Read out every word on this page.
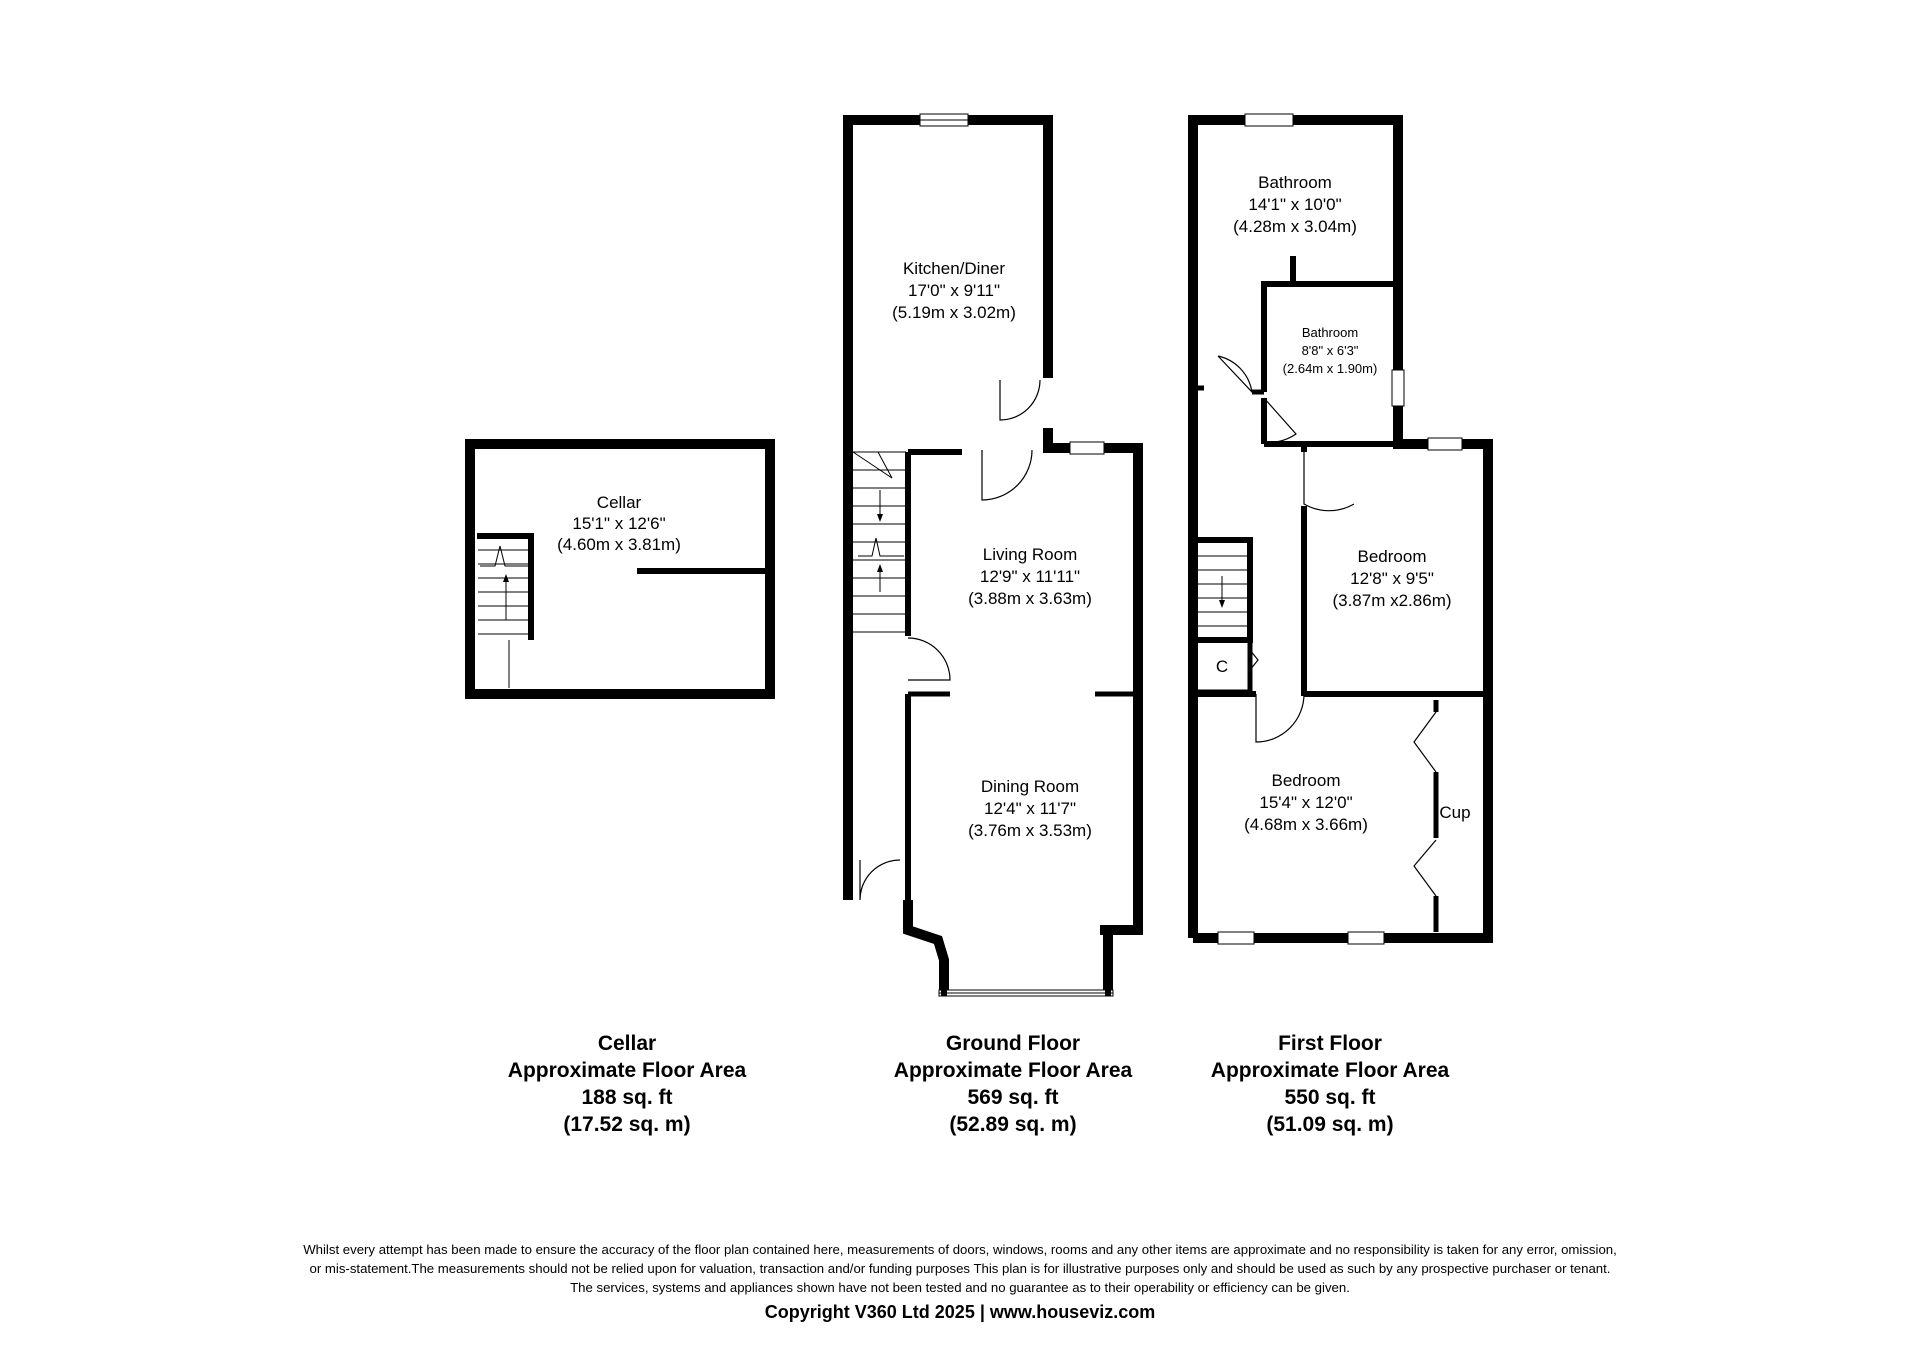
Cellar
15'1" x 12'6"
(4.60m x 3.81m)
Kitchen/Diner
17'0" x 9'11"
(5.19m x 3.02m)
Living Room
12'9" x 11'11"
(3.88m x 3.63m)
Dining Room
12'4" x 11'7"
(3.76m x 3.53m)
C
Cup
Bathroom
14'1" x 10'0"
(4.28m x 3.04m)
Bathroom
8'8" x 6'3"
(2.64m x 1.90m)
Bedroom
12'8" x 9'5"
(3.87m x2.86m)
Bedroom
15'4" x 12'0"
(4.68m x 3.66m)
Cellar
Approximate Floor Area
188 sq. ft
(17.52 sq. m)
Ground Floor
Approximate Floor Area
569 sq. ft
(52.89 sq. m)
First Floor
Approximate Floor Area
550 sq. ft
(51.09 sq. m)
Whilst every attempt has been made to ensure the accuracy of the floor plan contained here, measurements of doors, windows, rooms and any other items are approximate and no responsibility is taken for any error, omission,
or mis-statement.The measurements should not be relied upon for valuation, transaction and/or funding purposes This plan is for illustrative purposes only and should be used as such by any prospective purchaser or tenant.
The services, systems and appliances shown have not been tested and no guarantee as to their operability or efficiency can be given.
Copyright V360 Ltd 2025 | www.houseviz.com
